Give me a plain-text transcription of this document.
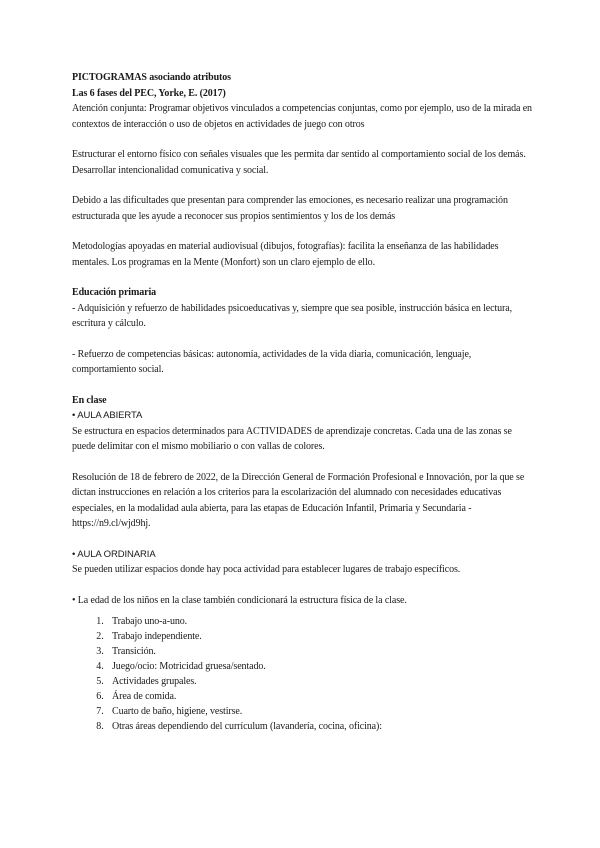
PICTOGRAMAS asociando atributos

Las 6 fases del PEC, Yorke, E. (2017)

Atención conjunta: Programar objetivos vinculados a competencias conjuntas, como por ejemplo, uso de la mirada en contextos de interacción o uso de objetos en actividades de juego con otros

Estructurar el entorno físico con señales visuales que les permita dar sentido al comportamiento social de los demás. Desarrollar intencionalidad comunicativa y social.

Debido a las dificultades que presentan para comprender las emociones, es necesario realizar una programación estructurada que les ayude a reconocer sus propios sentimientos y los de los demás

Metodologías apoyadas en material audiovisual (dibujos, fotografías): facilita la enseñanza de las habilidades mentales. Los programas en la Mente (Monfort) son un claro ejemplo de ello.

Educación primaria

- Adquisición y refuerzo de habilidades psicoeducativas y, siempre que sea posible, instrucción básica en lectura, escritura y cálculo.

- Refuerzo de competencias básicas: autonomía, actividades de la vida diaria, comunicación, lenguaje, comportamiento social.

En clase

• AULA ABIERTA

Se estructura en espacios determinados para ACTIVIDADES de aprendizaje concretas. Cada una de las zonas se puede delimitar con el mismo mobiliario o con vallas de colores.

Resolución de 18 de febrero de 2022, de la Dirección General de Formación Profesional e Innovación, por la que se dictan instrucciones en relación a los criterios para la escolarización del alumnado con necesidades educativas especiales, en la modalidad aula abierta, para las etapas de Educación Infantil, Primaria y Secundaria - https://n9.cl/wjd9hj.

• AULA ORDINARIA

Se pueden utilizar espacios donde hay poca actividad para establecer lugares de trabajo específicos.

• La edad de los niños en la clase también condicionará la estructura física de la clase.

1. Trabajo uno-a-uno.
2. Trabajo independiente.
3. Transición.
4. Juego/ocio: Motricidad gruesa/sentado.
5. Actividades grupales.
6. Área de comida.
7. Cuarto de baño, higiene, vestirse.
8. Otras áreas dependiendo del currículum (lavandería, cocina, oficina):
